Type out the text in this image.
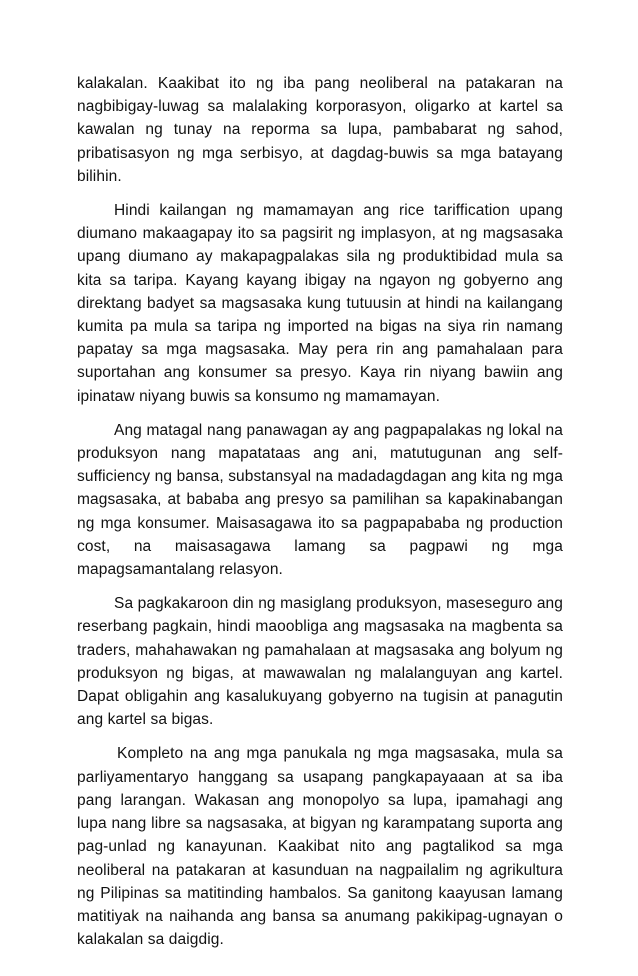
kalakalan. Kaakibat ito ng iba pang neoliberal na patakaran na nagbibigay-luwag sa malalaking korporasyon, oligarko at kartel sa kawalan ng tunay na reporma sa lupa, pambabarat ng sahod, pribatisasyon ng mga serbisyo, at dagdag-buwis sa mga batayang bilihin.

Hindi kailangan ng mamamayan ang rice tariffication upang diumano makaagapay ito sa pagsirit ng implasyon, at ng magsasaka upang diumano ay makapagpalakas sila ng produktibidad mula sa kita sa taripa. Kayang kayang ibigay na ngayon ng gobyerno ang direktang badyet sa magsasaka kung tutuusin at hindi na kailangang kumita pa mula sa taripa ng imported na bigas na siya rin namang papatay sa mga magsasaka. May pera rin ang pamahalaan para suportahan ang konsumer sa presyo. Kaya rin niyang bawiin ang ipinataw niyang buwis sa konsumo ng mamamayan.

Ang matagal nang panawagan ay ang pagpapalakas ng lokal na produksyon nang mapatataas ang ani, matutugunan ang self-sufficiency ng bansa, substansyal na madadagdagan ang kita ng mga magsasaka, at bababa ang presyo sa pamilihan sa kapakinabangan ng mga konsumer. Maisasagawa ito sa pagpapababa ng production cost, na maisasagawa lamang sa pagpawi ng mga mapagsamantalang relasyon.

Sa pagkakaroon din ng masiglang produksyon, maseseguro ang reserbang pagkain, hindi maoobliga ang magsasaka na magbenta sa traders, mahahawakan ng pamahalaan at magsasaka ang bolyum ng produksyon ng bigas, at mawawalan ng malalanguyan ang kartel. Dapat obligahin ang kasalukuyang gobyerno na tugisin at panagutin ang kartel sa bigas.

Kompleto na ang mga panukala ng mga magsasaka, mula sa parliyamentaryo hanggang sa usapang pangkapayaaan at sa iba pang larangan. Wakasan ang monopolyo sa lupa, ipamahagi ang lupa nang libre sa nagsasaka, at bigyan ng karampatang suporta ang pag-unlad ng kanayunan. Kaakibat nito ang pagtalikod sa mga neoliberal na patakaran at kasunduan na nagpailalim ng agrikultura ng Pilipinas sa matitinding hambalos. Sa ganitong kaayusan lamang matitiyak na naihanda ang bansa sa anumang pakikipag-ugnayan o kalakalan sa daigdig.
